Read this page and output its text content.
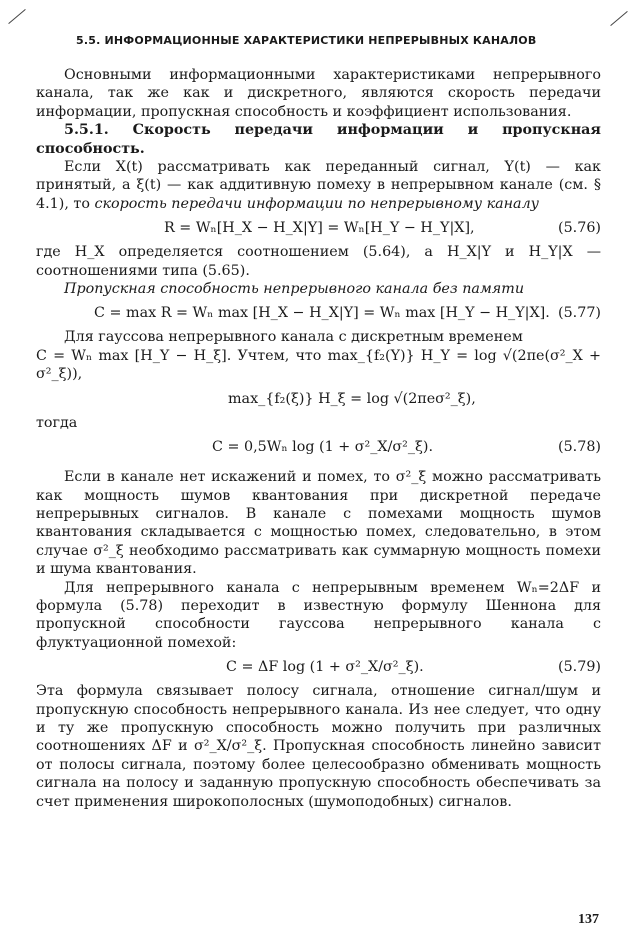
5.5. ИНФОРМАЦИОННЫЕ ХАРАКТЕРИСТИКИ НЕПРЕРЫВНЫХ КАНАЛОВ
Основными информационными характеристиками непрерывного канала, так же как и дискретного, являются скорость передачи информации, пропускная способность и коэффициент использования.
5.5.1. Скорость передачи информации и пропускная способность.
Если X(t) рассматривать как переданный сигнал, Y(t) — как принятый, а ξ(t) — как аддитивную помеху в непрерывном канале (см. § 4.1), то скорость передачи информации по непрерывному каналу
R = Wₙ[H_X − H_X|Y] = Wₙ[H_Y − H_Y|X],	(5.76)
где H_X определяется соотношением (5.64), а H_X|Y и H_Y|X — соотношениями типа (5.65).
Пропускная способность непрерывного канала без памяти
C = max R = Wₙ max [H_X − H_X|Y] = Wₙ max [H_Y − H_Y|X]. (5.77)
Для гауссова непрерывного канала с дискретным временем
C = Wₙ max [H_Y − H_ξ]. Учтем, что max_{f₂(Y)} H_Y = log √(2πe(σ²_X + σ²_ξ)),
max_{f₂(ξ)} H_ξ = log √(2πeσ²_ξ),
тогда
C = 0,5Wₙ log (1 + σ²_X/σ²_ξ).	(5.78)
Если в канале нет искажений и помех, то σ²_ξ можно рассматривать как мощность шумов квантования при дискретной передаче непрерывных сигналов. В канале с помехами мощность шумов квантования складывается с мощностью помех, следовательно, в этом случае σ²_ξ необходимо рассматривать как суммарную мощность помехи и шума квантования.
Для непрерывного канала с непрерывным временем Wₙ=2ΔF и формула (5.78) переходит в известную формулу Шеннона для пропускной способности гауссова непрерывного канала с флуктуационной помехой:
C = ΔF log (1 + σ²_X/σ²_ξ).	(5.79)
Эта формула связывает полосу сигнала, отношение сигнал/шум и пропускную способность непрерывного канала. Из нее следует, что одну и ту же пропускную способность можно получить при различных соотношениях ΔF и σ²_X/σ²_ξ. Пропускная способность линейно зависит от полосы сигнала, поэтому более целесообразно обменивать мощность сигнала на полосу и заданную пропускную способность обеспечивать за счет применения широкополосных (шумоподобных) сигналов.
137
